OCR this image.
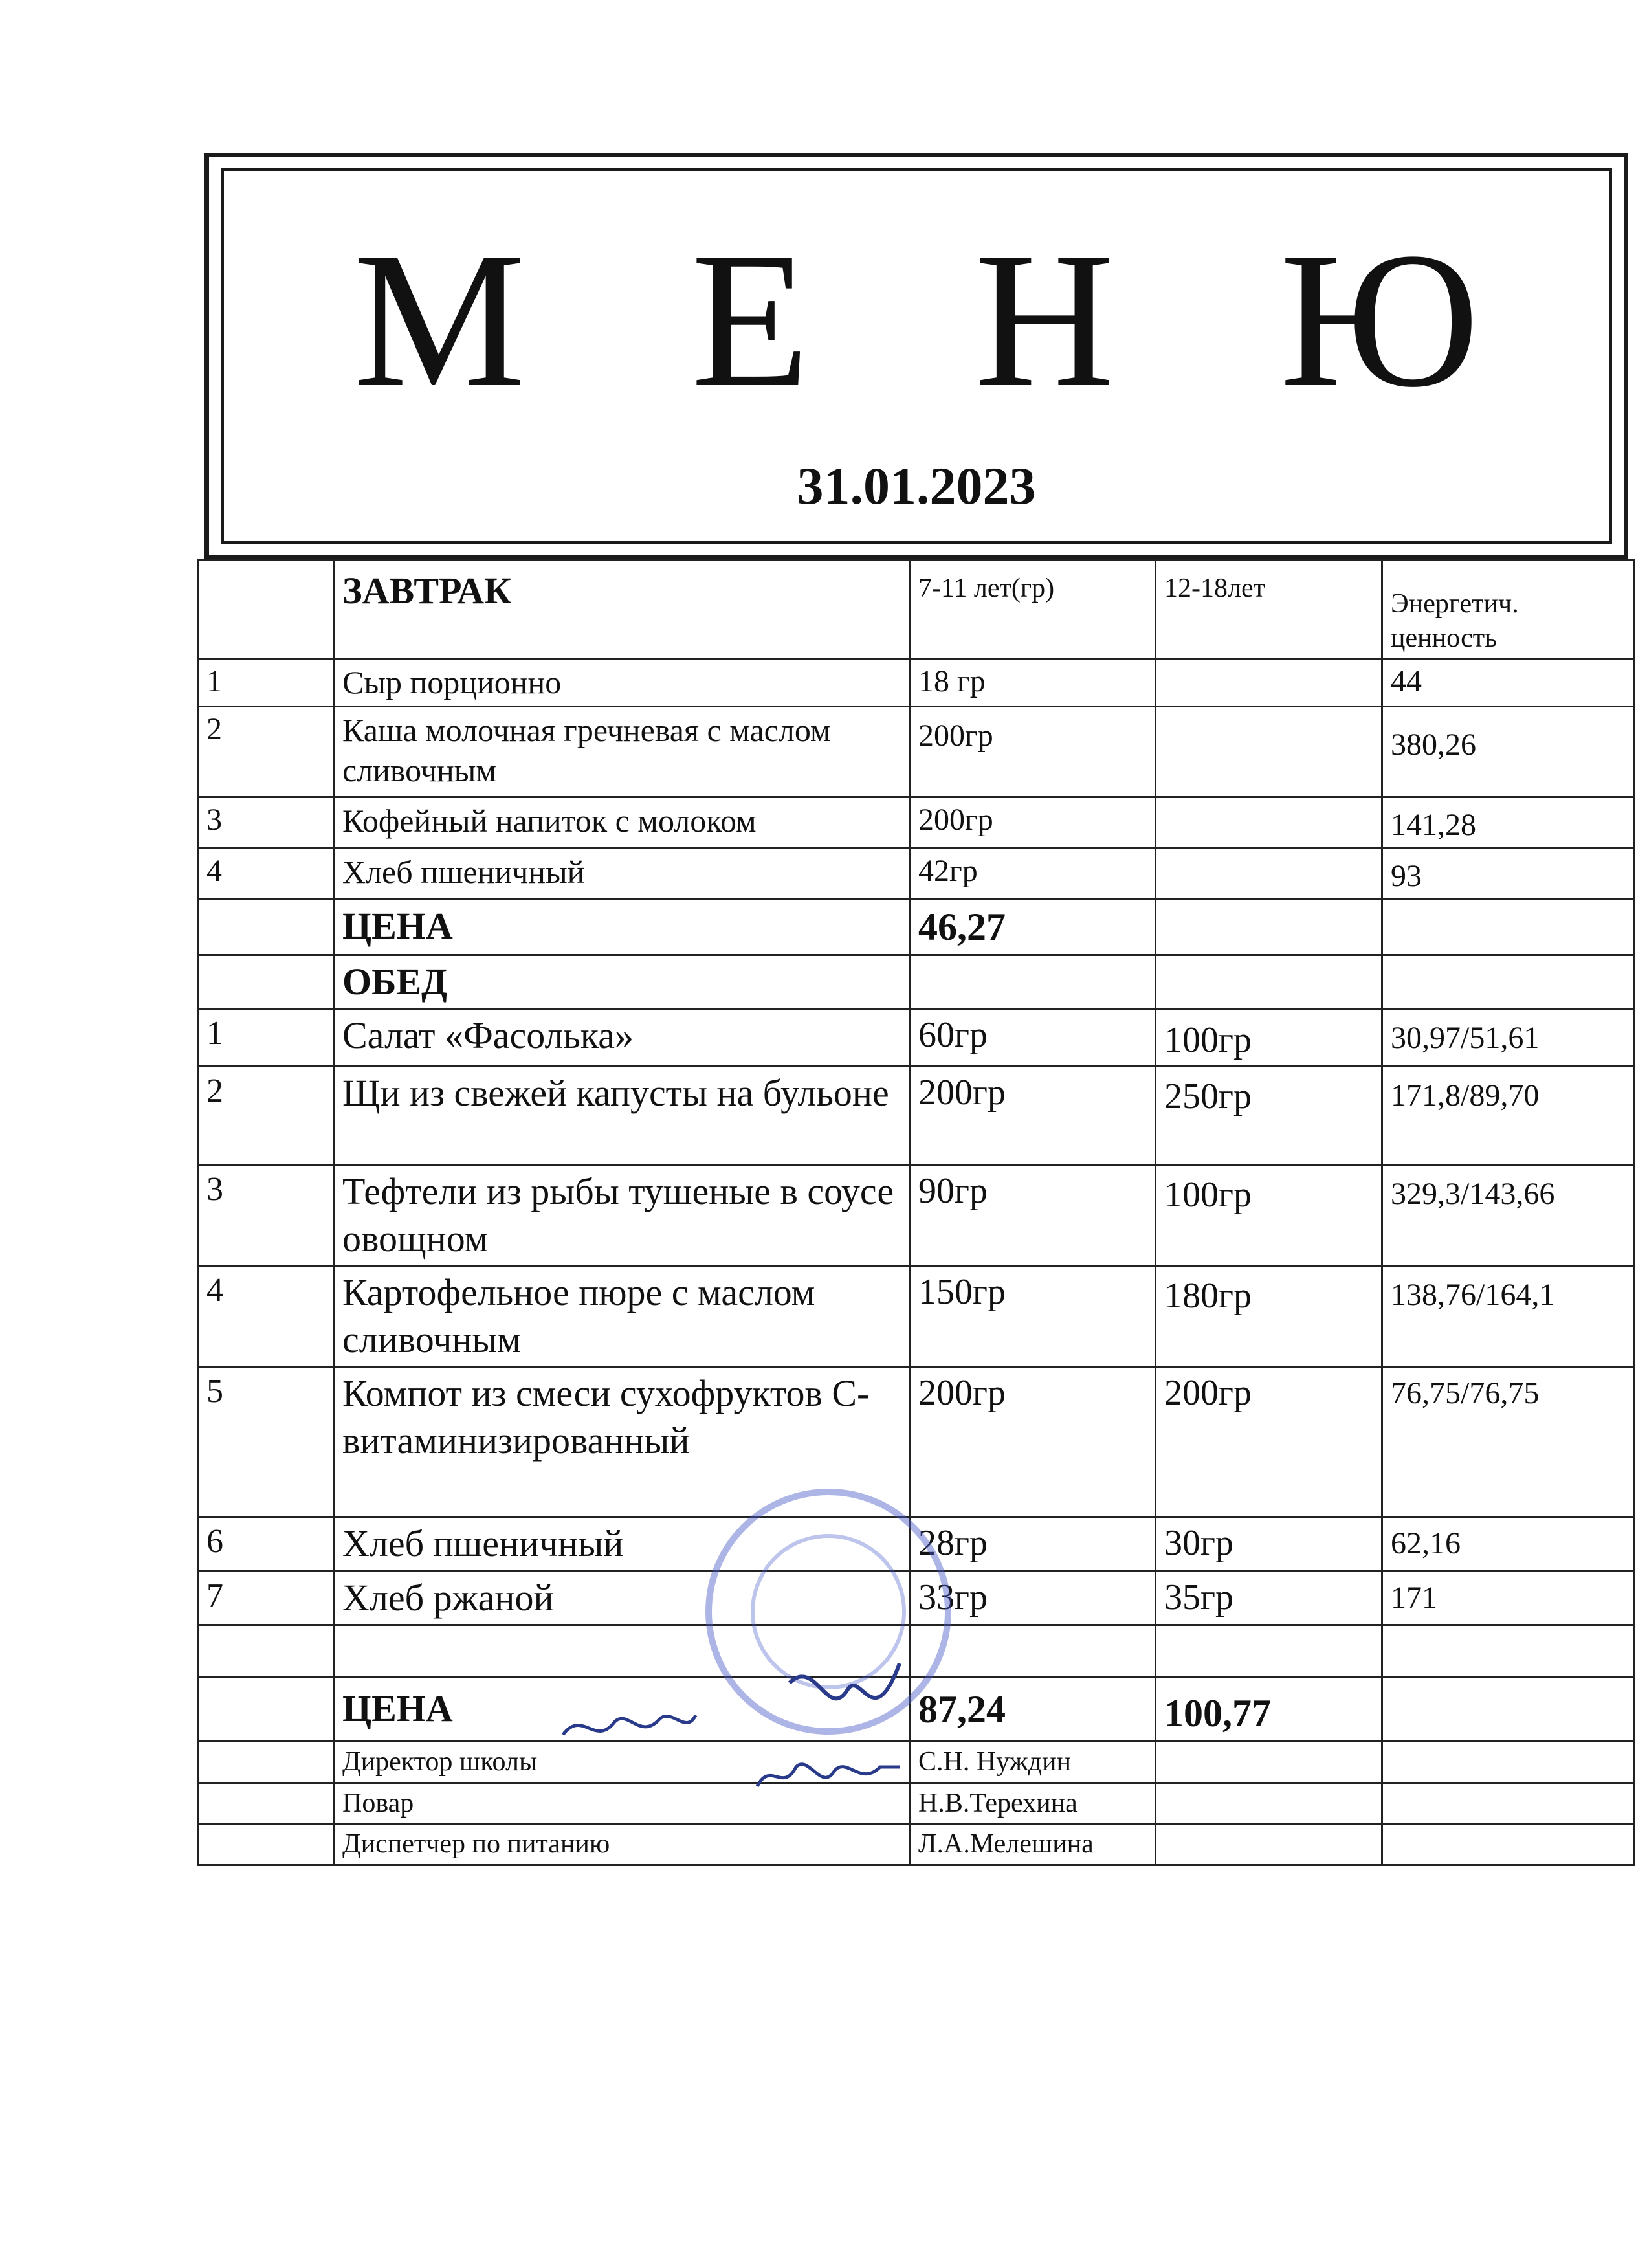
М Е Н Ю
31.01.2023
	ЗАВТРАК	7-11 лет(гр)	12-18лет	Энергетич. ценность
1	Сыр порционно	18 гр		44
2	Каша молочная гречневая с маслом сливочным	200гр		380,26
3	Кофейный напиток с молоком	200гр		141,28
4	Хлеб пшеничный	42гр		93
	ЦЕНА	46,27		
	ОБЕД			
1	Салат «Фасолька»	60гр	100гр	30,97/51,61
2	Щи из свежей капусты на бульоне	200гр	250гр	171,8/89,70
3	Тефтели из рыбы тушеные в соусе овощном	90гр	100гр	329,3/143,66
4	Картофельное пюре с маслом сливочным	150гр	180гр	138,76/164,1
5	Компот из смеси сухофруктов С-витаминизированный	200гр	200гр	76,75/76,75
6	Хлеб пшеничный	28гр	30гр	62,16
7	Хлеб ржаной	33гр	35гр	171

	ЦЕНА	87,24	100,77	
	Директор школы	С.Н. Нуждин		
	Повар	Н.В.Терехина		
	Диспетчер по питанию	Л.А.Мелешина		
